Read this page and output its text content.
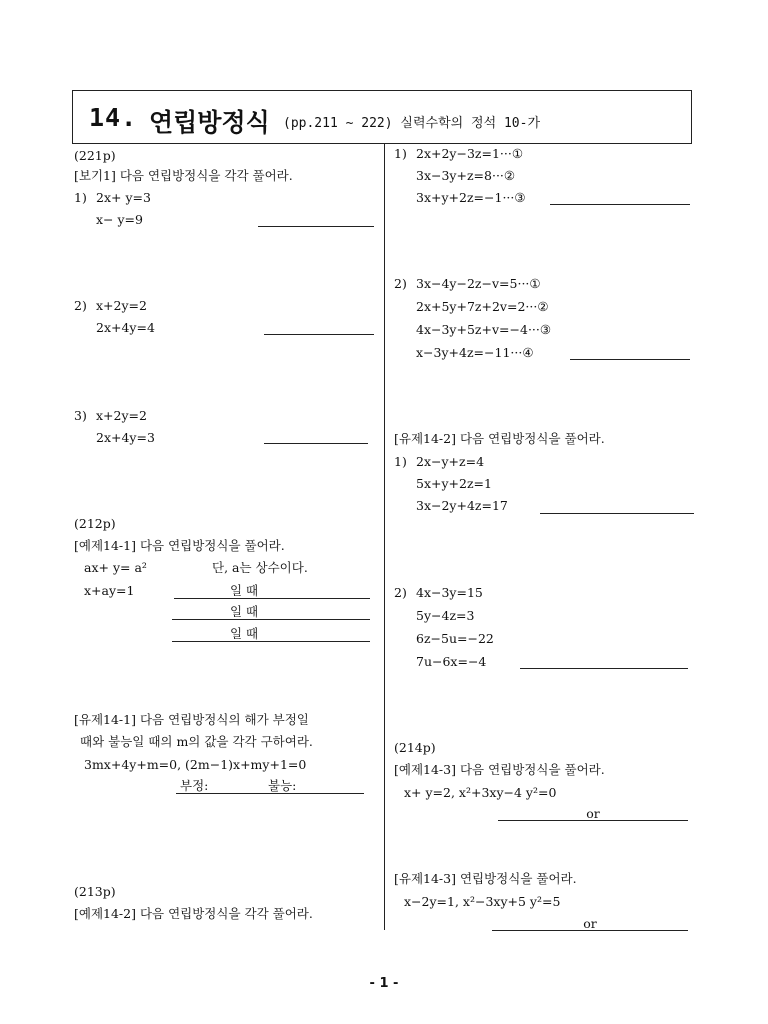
14. 연립방정식 (pp.211 ~ 222) 실력수학의 정석 10-가
(221p)
[보기1] 다음 연립방정식을 각각 풀어라.
1) 2x+ y=3
x− y=9
2) x+2y=2
2x+4y=4
3) x+2y=2
2x+4y=3
(212p)
[예제14-1] 다음 연립방정식을 풀어라.
ax+ y= a²	단, a는 상수이다.
x+ay=1	일 때
일 때
일 때
[유제14-1] 다음 연립방정식의 해가 부정일
때와 불능일 때의 m의 값을 각각 구하여라.
3mx+4y+m=0, (2m−1)x+my+1=0
부정:	불능:
(213p)
[예제14-2] 다음 연립방정식을 각각 풀어라.
1) 2x+2y−3z=1···①
3x−3y+z=8···②
3x+y+2z=−1···③
2) 3x−4y−2z−v=5···①
2x+5y+7z+2v=2···②
4x−3y+5z+v=−4···③
x−3y+4z=−11···④
[유제14-2] 다음 연립방정식을 풀어라.
1) 2x−y+z=4
5x+y+2z=1
3x−2y+4z=17
2) 4x−3y=15
5y−4z=3
6z−5u=−22
7u−6x=−4
(214p)
[예제14-3] 다음 연립방정식을 풀어라.
x+ y=2, x²+3xy−4 y²=0
or
[유제14-3] 연립방정식을 풀어라.
x−2y=1, x²−3xy+5 y²=5
or
- 1 -
